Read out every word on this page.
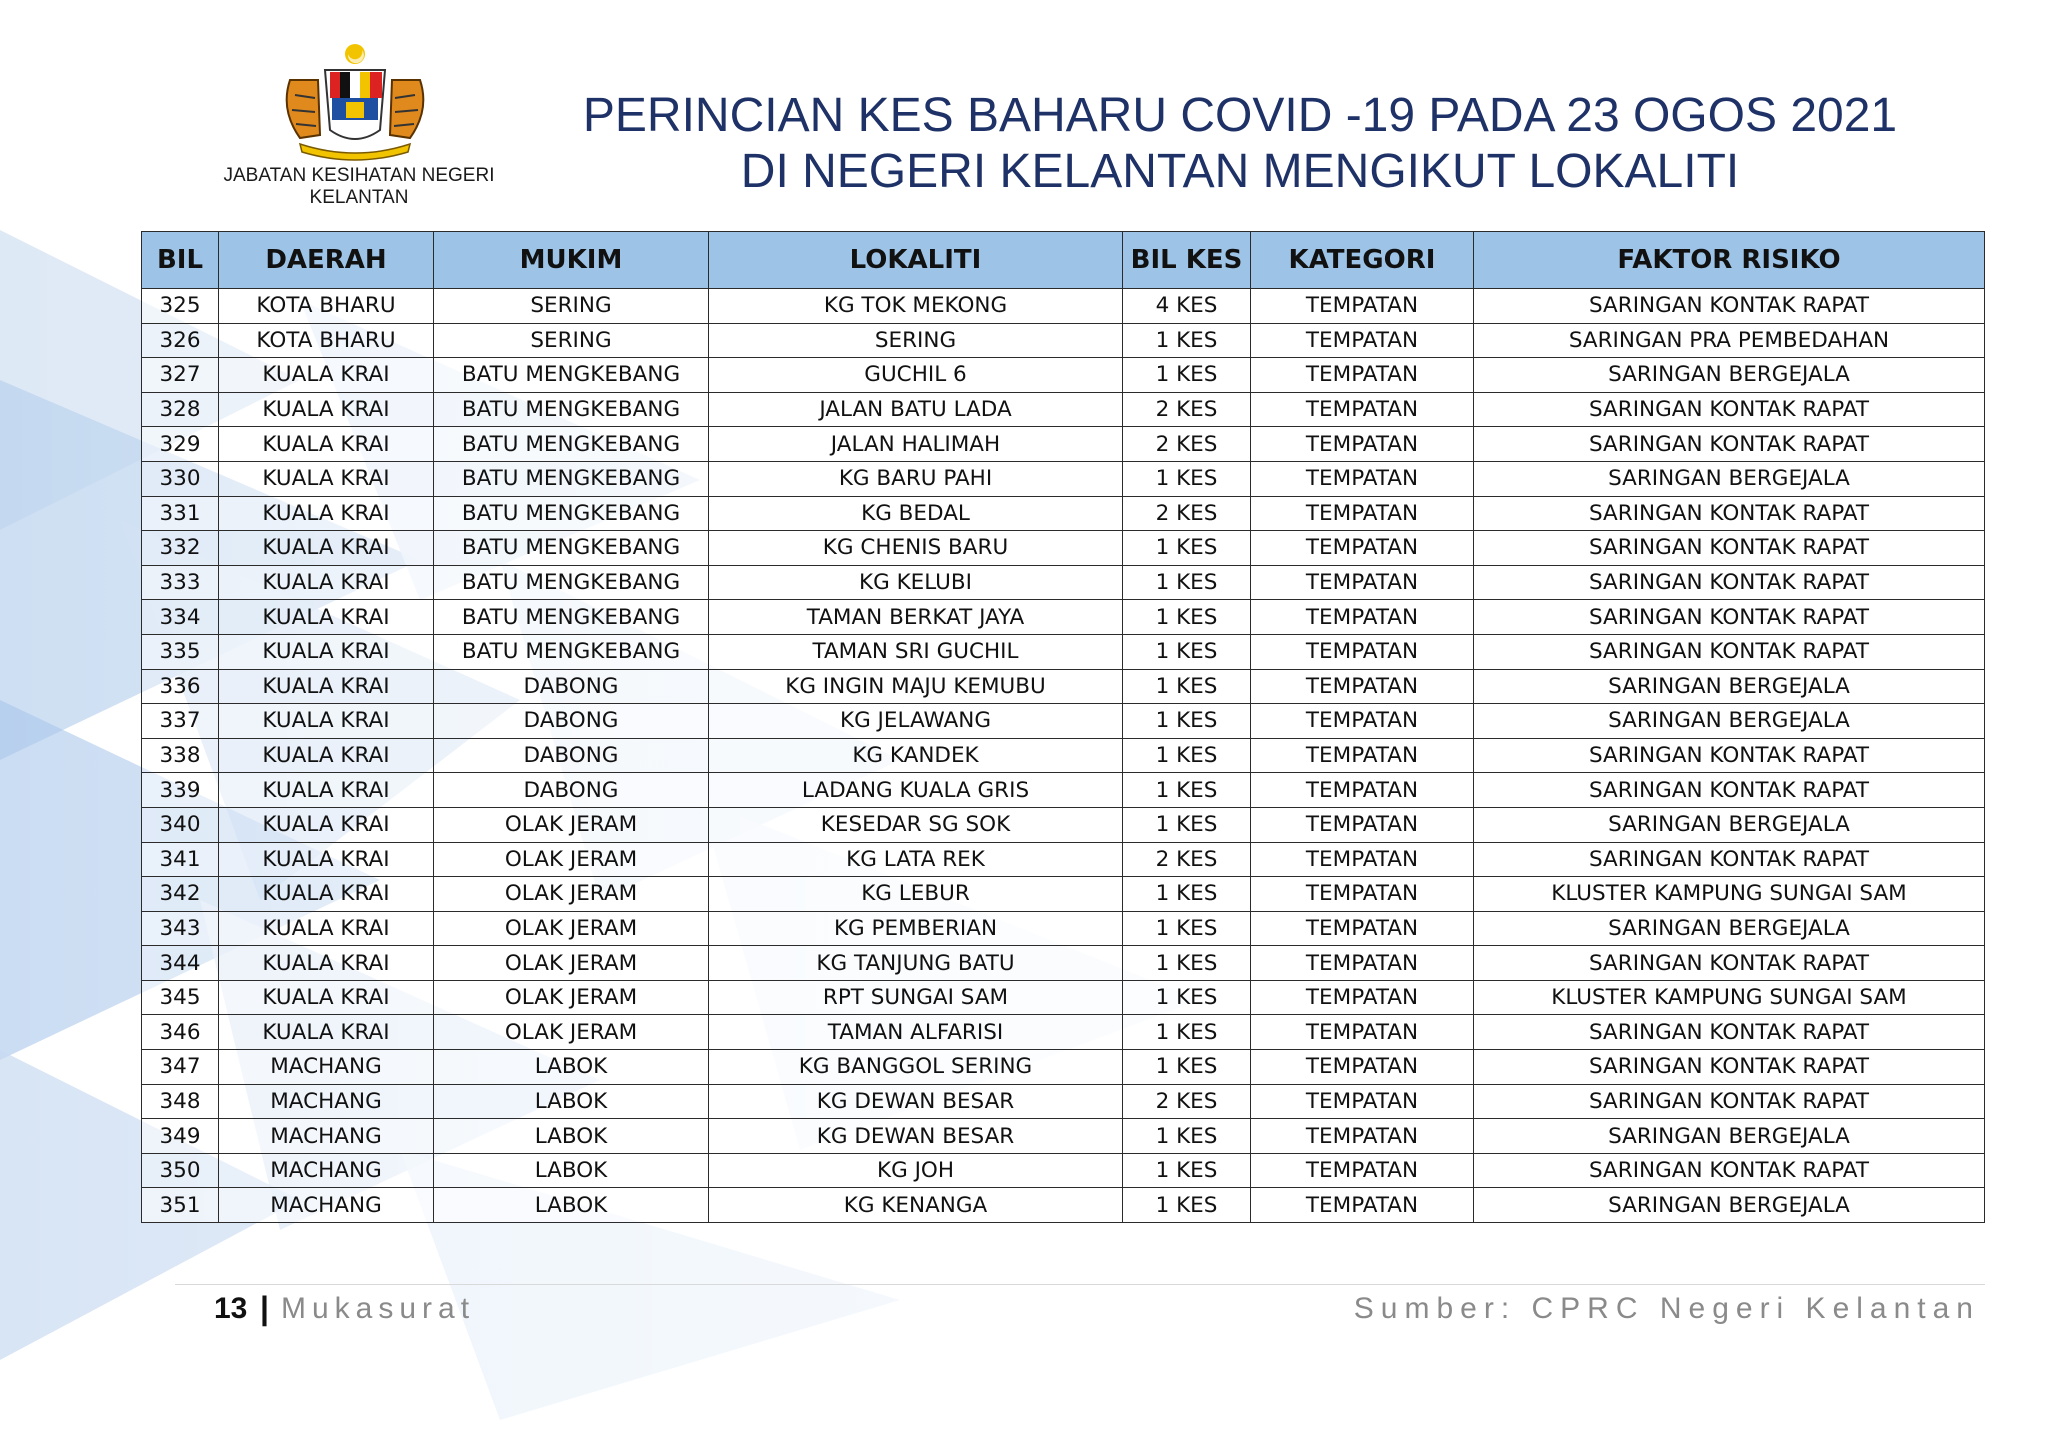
JABATAN KESIHATAN NEGERI KELANTAN
PERINCIAN KES BAHARU COVID -19 PADA 23 OGOS 2021
DI NEGERI KELANTAN MENGIKUT LOKALITI
BIL	DAERAH	MUKIM	LOKALITI	BIL KES	KATEGORI	FAKTOR RISIKO
325	KOTA BHARU	SERING	KG TOK MEKONG	4 KES	TEMPATAN	SARINGAN KONTAK RAPAT
326	KOTA BHARU	SERING	SERING	1 KES	TEMPATAN	SARINGAN PRA PEMBEDAHAN
327	KUALA KRAI	BATU MENGKEBANG	GUCHIL 6	1 KES	TEMPATAN	SARINGAN BERGEJALA
328	KUALA KRAI	BATU MENGKEBANG	JALAN BATU LADA	2 KES	TEMPATAN	SARINGAN KONTAK RAPAT
329	KUALA KRAI	BATU MENGKEBANG	JALAN HALIMAH	2 KES	TEMPATAN	SARINGAN KONTAK RAPAT
330	KUALA KRAI	BATU MENGKEBANG	KG BARU PAHI	1 KES	TEMPATAN	SARINGAN BERGEJALA
331	KUALA KRAI	BATU MENGKEBANG	KG BEDAL	2 KES	TEMPATAN	SARINGAN KONTAK RAPAT
332	KUALA KRAI	BATU MENGKEBANG	KG CHENIS BARU	1 KES	TEMPATAN	SARINGAN KONTAK RAPAT
333	KUALA KRAI	BATU MENGKEBANG	KG KELUBI	1 KES	TEMPATAN	SARINGAN KONTAK RAPAT
334	KUALA KRAI	BATU MENGKEBANG	TAMAN BERKAT JAYA	1 KES	TEMPATAN	SARINGAN KONTAK RAPAT
335	KUALA KRAI	BATU MENGKEBANG	TAMAN SRI GUCHIL	1 KES	TEMPATAN	SARINGAN KONTAK RAPAT
336	KUALA KRAI	DABONG	KG INGIN MAJU KEMUBU	1 KES	TEMPATAN	SARINGAN BERGEJALA
337	KUALA KRAI	DABONG	KG JELAWANG	1 KES	TEMPATAN	SARINGAN BERGEJALA
338	KUALA KRAI	DABONG	KG KANDEK	1 KES	TEMPATAN	SARINGAN KONTAK RAPAT
339	KUALA KRAI	DABONG	LADANG KUALA GRIS	1 KES	TEMPATAN	SARINGAN KONTAK RAPAT
340	KUALA KRAI	OLAK JERAM	KESEDAR SG SOK	1 KES	TEMPATAN	SARINGAN BERGEJALA
341	KUALA KRAI	OLAK JERAM	KG LATA REK	2 KES	TEMPATAN	SARINGAN KONTAK RAPAT
342	KUALA KRAI	OLAK JERAM	KG LEBUR	1 KES	TEMPATAN	KLUSTER KAMPUNG SUNGAI SAM
343	KUALA KRAI	OLAK JERAM	KG PEMBERIAN	1 KES	TEMPATAN	SARINGAN BERGEJALA
344	KUALA KRAI	OLAK JERAM	KG TANJUNG BATU	1 KES	TEMPATAN	SARINGAN KONTAK RAPAT
345	KUALA KRAI	OLAK JERAM	RPT SUNGAI SAM	1 KES	TEMPATAN	KLUSTER KAMPUNG SUNGAI SAM
346	KUALA KRAI	OLAK JERAM	TAMAN ALFARISI	1 KES	TEMPATAN	SARINGAN KONTAK RAPAT
347	MACHANG	LABOK	KG BANGGOL SERING	1 KES	TEMPATAN	SARINGAN KONTAK RAPAT
348	MACHANG	LABOK	KG DEWAN BESAR	2 KES	TEMPATAN	SARINGAN KONTAK RAPAT
349	MACHANG	LABOK	KG DEWAN BESAR	1 KES	TEMPATAN	SARINGAN BERGEJALA
350	MACHANG	LABOK	KG JOH	1 KES	TEMPATAN	SARINGAN KONTAK RAPAT
351	MACHANG	LABOK	KG KENANGA	1 KES	TEMPATAN	SARINGAN BERGEJALA
13 | Mukasurat	Sumber: CPRC Negeri Kelantan
